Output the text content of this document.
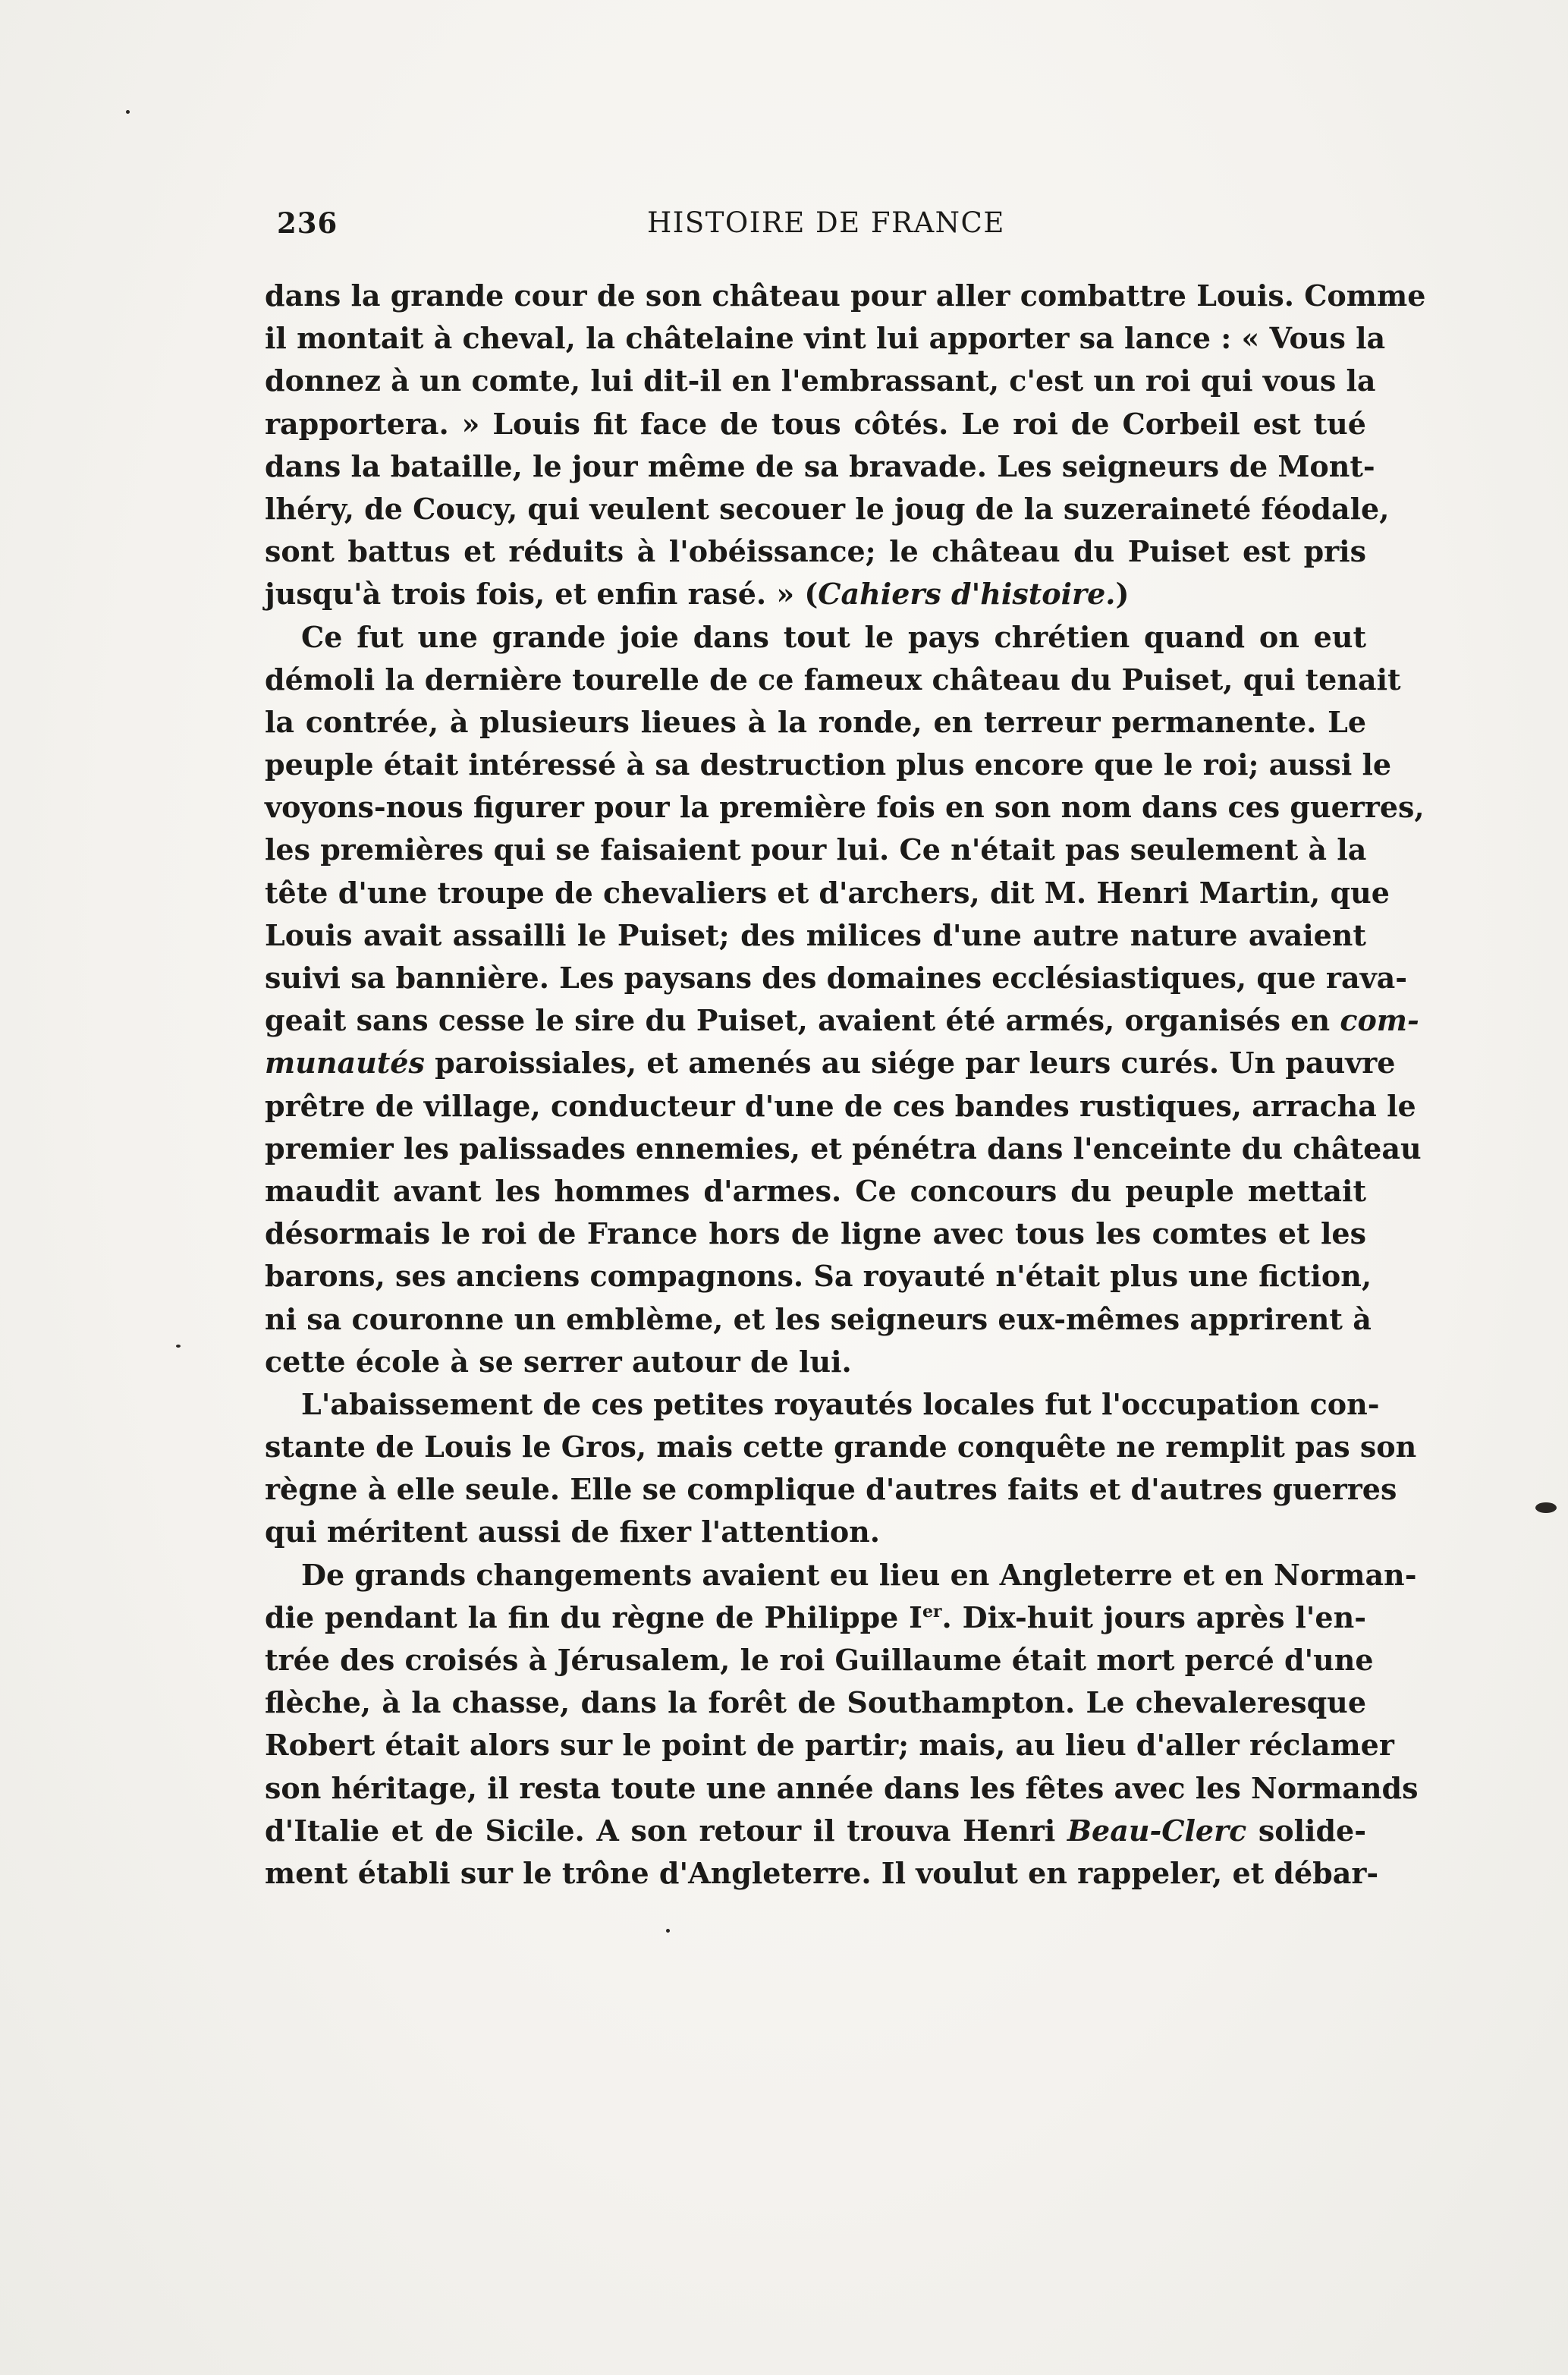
236	HISTOIRE DE FRANCE
dans la grande cour de son château pour aller combattre Louis. Comme
il montait à cheval, la châtelaine vint lui apporter sa lance : « Vous la
donnez à un comte, lui dit-il en l'embrassant, c'est un roi qui vous la
rapportera. » Louis fit face de tous côtés. Le roi de Corbeil est tué
dans la bataille, le jour même de sa bravade. Les seigneurs de Mont-
lhéry, de Coucy, qui veulent secouer le joug de la suzeraineté féodale,
sont battus et réduits à l'obéissance; le château du Puiset est pris
jusqu'à trois fois, et enfin rasé. » (Cahiers d'histoire.)
Ce fut une grande joie dans tout le pays chrétien quand on eut
démoli la dernière tourelle de ce fameux château du Puiset, qui tenait
la contrée, à plusieurs lieues à la ronde, en terreur permanente. Le
peuple était intéressé à sa destruction plus encore que le roi; aussi le
voyons-nous figurer pour la première fois en son nom dans ces guerres,
les premières qui se faisaient pour lui. Ce n'était pas seulement à la
tête d'une troupe de chevaliers et d'archers, dit M. Henri Martin, que
Louis avait assailli le Puiset; des milices d'une autre nature avaient
suivi sa bannière. Les paysans des domaines ecclésiastiques, que rava-
geait sans cesse le sire du Puiset, avaient été armés, organisés en com-
munautés paroissiales, et amenés au siége par leurs curés. Un pauvre
prêtre de village, conducteur d'une de ces bandes rustiques, arracha le
premier les palissades ennemies, et pénétra dans l'enceinte du château
maudit avant les hommes d'armes. Ce concours du peuple mettait
désormais le roi de France hors de ligne avec tous les comtes et les
barons, ses anciens compagnons. Sa royauté n'était plus une fiction,
ni sa couronne un emblème, et les seigneurs eux-mêmes apprirent à
cette école à se serrer autour de lui.
L'abaissement de ces petites royautés locales fut l'occupation con-
stante de Louis le Gros, mais cette grande conquête ne remplit pas son
règne à elle seule. Elle se complique d'autres faits et d'autres guerres
qui méritent aussi de fixer l'attention.
De grands changements avaient eu lieu en Angleterre et en Norman-
die pendant la fin du règne de Philippe Ier. Dix-huit jours après l'en-
trée des croisés à Jérusalem, le roi Guillaume était mort percé d'une
flèche, à la chasse, dans la forêt de Southampton. Le chevaleresque
Robert était alors sur le point de partir; mais, au lieu d'aller réclamer
son héritage, il resta toute une année dans les fêtes avec les Normands
d'Italie et de Sicile. A son retour il trouva Henri Beau-Clerc solide-
ment établi sur le trône d'Angleterre. Il voulut en rappeler, et débar-
